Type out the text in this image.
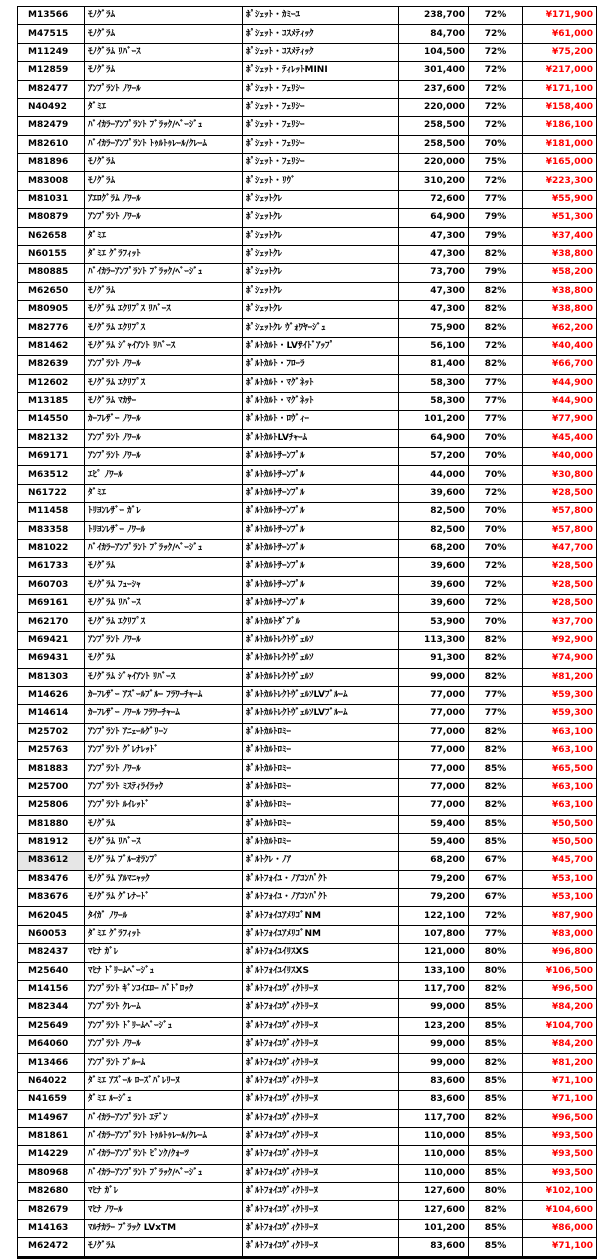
M13566	ﾓﾉｸﾞﾗﾑ	ﾎﾟｼｪｯﾄ・ｶﾐｰﾕ	238,700	72%	¥171,900
M47515	ﾓﾉｸﾞﾗﾑ	ﾎﾟｼｪｯﾄ・ｺｽﾒﾃｨｯｸ	84,700	72%	¥61,000
M11249	ﾓﾉｸﾞﾗﾑ ﾘﾊﾞｰｽ	ﾎﾟｼｪｯﾄ・ｺｽﾒﾃｨｯｸ	104,500	72%	¥75,200
M12859	ﾓﾉｸﾞﾗﾑ	ﾎﾟｼｪｯﾄ・ﾃｨﾚｯﾄMINI	301,400	72%	¥217,000
M82477	ｱﾝﾌﾟﾗﾝﾄ ﾉﾜｰﾙ	ﾎﾟｼｪｯﾄ・ﾌｪﾘｼｰ	237,600	72%	¥171,100
N40492	ﾀﾞﾐｴ	ﾎﾟｼｪｯﾄ・ﾌｪﾘｼｰ	220,000	72%	¥158,400
M82479	ﾊﾞｲｶﾗｰｱﾝﾌﾟﾗﾝﾄ ﾌﾞﾗｯｸ/ﾍﾞｰｼﾞｭ	ﾎﾟｼｪｯﾄ・ﾌｪﾘｼｰ	258,500	72%	¥186,100
M82610	ﾊﾞｲｶﾗｰｱﾝﾌﾟﾗﾝﾄ ﾄｩﾙﾄｩﾚｰﾙ/ｸﾚｰﾑ	ﾎﾟｼｪｯﾄ・ﾌｪﾘｼｰ	258,500	70%	¥181,000
M81896	ﾓﾉｸﾞﾗﾑ	ﾎﾟｼｪｯﾄ・ﾌｪﾘｼｰ	220,000	75%	¥165,000
M83008	ﾓﾉｸﾞﾗﾑ	ﾎﾟｼｪｯﾄ・ﾘｳﾞ	310,200	72%	¥223,300
M81031	ｱｴﾛｸﾞﾗﾑ ﾉﾜｰﾙ	ﾎﾟｼｪｯﾄｸﾚ	72,600	77%	¥55,900
M80879	ｱﾝﾌﾟﾗﾝﾄ ﾉﾜｰﾙ	ﾎﾟｼｪｯﾄｸﾚ	64,900	79%	¥51,300
N62658	ﾀﾞﾐｴ	ﾎﾟｼｪｯﾄｸﾚ	47,300	79%	¥37,400
N60155	ﾀﾞﾐｴ ｸﾞﾗﾌｨｯﾄ	ﾎﾟｼｪｯﾄｸﾚ	47,300	82%	¥38,800
M80885	ﾊﾞｲｶﾗｰｱﾝﾌﾟﾗﾝﾄ ﾌﾞﾗｯｸ/ﾍﾞｰｼﾞｭ	ﾎﾟｼｪｯﾄｸﾚ	73,700	79%	¥58,200
M62650	ﾓﾉｸﾞﾗﾑ	ﾎﾟｼｪｯﾄｸﾚ	47,300	82%	¥38,800
M80905	ﾓﾉｸﾞﾗﾑ ｴｸﾘﾌﾟｽ ﾘﾊﾞｰｽ	ﾎﾟｼｪｯﾄｸﾚ	47,300	82%	¥38,800
M82776	ﾓﾉｸﾞﾗﾑ ｴｸﾘﾌﾟｽ	ﾎﾟｼｪｯﾄｸﾚ ｳﾞｫﾜﾔｰｼﾞｭ	75,900	82%	¥62,200
M81462	ﾓﾉｸﾞﾗﾑ ｼﾞｬｲｱﾝﾄ ﾘﾊﾞｰｽ	ﾎﾟﾙﾄｶﾙﾄ・LVｻｲﾄﾞｱｯﾌﾟ	56,100	72%	¥40,400
M82639	ｱﾝﾌﾟﾗﾝﾄ ﾉﾜｰﾙ	ﾎﾟﾙﾄｶﾙﾄ・ﾌﾛｰﾗ	81,400	82%	¥66,700
M12602	ﾓﾉｸﾞﾗﾑ ｴｸﾘﾌﾟｽ	ﾎﾟﾙﾄｶﾙﾄ・ﾏｸﾞﾈｯﾄ	58,300	77%	¥44,900
M13185	ﾓﾉｸﾞﾗﾑ ﾏｶｻｰ	ﾎﾟﾙﾄｶﾙﾄ・ﾏｸﾞﾈｯﾄ	58,300	77%	¥44,900
M14550	ｶｰﾌﾚｻﾞｰ ﾉﾜｰﾙ	ﾎﾟﾙﾄｶﾙﾄ・ﾛｳﾞｨｰ	101,200	77%	¥77,900
M82132	ｱﾝﾌﾟﾗﾝﾄ ﾉﾜｰﾙ	ﾎﾟﾙﾄｶﾙﾄLVﾁｬｰﾑ	64,900	70%	¥45,400
M69171	ｱﾝﾌﾟﾗﾝﾄ ﾉﾜｰﾙ	ﾎﾟﾙﾄｶﾙﾄｻｰﾝﾌﾟﾙ	57,200	70%	¥40,000
M63512	ｴﾋﾟ ﾉﾜｰﾙ	ﾎﾟﾙﾄｶﾙﾄｻｰﾝﾌﾟﾙ	44,000	70%	¥30,800
N61722	ﾀﾞﾐｴ	ﾎﾟﾙﾄｶﾙﾄｻｰﾝﾌﾟﾙ	39,600	72%	¥28,500
M11458	ﾄﾘﾖﾝﾚｻﾞｰ ｶﾞﾚ	ﾎﾟﾙﾄｶﾙﾄｻｰﾝﾌﾟﾙ	82,500	70%	¥57,800
M83358	ﾄﾘﾖﾝﾚｻﾞｰ ﾉﾜｰﾙ	ﾎﾟﾙﾄｶﾙﾄｻｰﾝﾌﾟﾙ	82,500	70%	¥57,800
M81022	ﾊﾞｲｶﾗｰｱﾝﾌﾟﾗﾝﾄ ﾌﾞﾗｯｸ/ﾍﾞｰｼﾞｭ	ﾎﾟﾙﾄｶﾙﾄｻｰﾝﾌﾟﾙ	68,200	70%	¥47,700
M61733	ﾓﾉｸﾞﾗﾑ	ﾎﾟﾙﾄｶﾙﾄｻｰﾝﾌﾟﾙ	39,600	72%	¥28,500
M60703	ﾓﾉｸﾞﾗﾑ ﾌｭｰｼｬ	ﾎﾟﾙﾄｶﾙﾄｻｰﾝﾌﾟﾙ	39,600	72%	¥28,500
M69161	ﾓﾉｸﾞﾗﾑ ﾘﾊﾞｰｽ	ﾎﾟﾙﾄｶﾙﾄｻｰﾝﾌﾟﾙ	39,600	72%	¥28,500
M62170	ﾓﾉｸﾞﾗﾑ ｴｸﾘﾌﾟｽ	ﾎﾟﾙﾄｶﾙﾄﾀﾞﾌﾞﾙ	53,900	70%	¥37,700
M69421	ｱﾝﾌﾟﾗﾝﾄ ﾉﾜｰﾙ	ﾎﾟﾙﾄｶﾙﾄﾚｸﾄｳﾞｪﾙｿ	113,300	82%	¥92,900
M69431	ﾓﾉｸﾞﾗﾑ	ﾎﾟﾙﾄｶﾙﾄﾚｸﾄｳﾞｪﾙｿ	91,300	82%	¥74,900
M81303	ﾓﾉｸﾞﾗﾑ ｼﾞｬｲｱﾝﾄ ﾘﾊﾞｰｽ	ﾎﾟﾙﾄｶﾙﾄﾚｸﾄｳﾞｪﾙｿ	99,000	82%	¥81,200
M14626	ｶｰﾌﾚｻﾞｰ ｱｽﾞｰﾙﾌﾞﾙｰ ﾌﾗﾜｰﾁｬｰﾑ	ﾎﾟﾙﾄｶﾙﾄﾚｸﾄｳﾞｪﾙｿLVﾌﾞﾙｰﾑ	77,000	77%	¥59,300
M14614	ｶｰﾌﾚｻﾞｰ ﾉﾜｰﾙ ﾌﾗﾜｰﾁｬｰﾑ	ﾎﾟﾙﾄｶﾙﾄﾚｸﾄｳﾞｪﾙｿLVﾌﾞﾙｰﾑ	77,000	77%	¥59,300
M25702	ｱﾝﾌﾟﾗﾝﾄ ｱﾆｪｰﾙｸﾞﾘｰﾝ	ﾎﾟﾙﾄｶﾙﾄﾛﾐｰ	77,000	82%	¥63,100
M25763	ｱﾝﾌﾟﾗﾝﾄ ｸﾞﾚﾅﾚｯﾄﾞ	ﾎﾟﾙﾄｶﾙﾄﾛﾐｰ	77,000	82%	¥63,100
M81883	ｱﾝﾌﾟﾗﾝﾄ ﾉﾜｰﾙ	ﾎﾟﾙﾄｶﾙﾄﾛﾐｰ	77,000	85%	¥65,500
M25700	ｱﾝﾌﾟﾗﾝﾄ ﾐｽﾃｨﾗｲﾗｯｸ	ﾎﾟﾙﾄｶﾙﾄﾛﾐｰ	77,000	82%	¥63,100
M25806	ｱﾝﾌﾟﾗﾝﾄ ﾙｲﾚｯﾄﾞ	ﾎﾟﾙﾄｶﾙﾄﾛﾐｰ	77,000	82%	¥63,100
M81880	ﾓﾉｸﾞﾗﾑ	ﾎﾟﾙﾄｶﾙﾄﾛﾐｰ	59,400	85%	¥50,500
M81912	ﾓﾉｸﾞﾗﾑ ﾘﾊﾞｰｽ	ﾎﾟﾙﾄｶﾙﾄﾛﾐｰ	59,400	85%	¥50,500
M83612	ﾓﾉｸﾞﾗﾑ ﾌﾞﾙｰｵﾗﾝﾌﾟ	ﾎﾟﾙﾄｸﾚ・ﾉｱ	68,200	67%	¥45,700
M83476	ﾓﾉｸﾞﾗﾑ ｱﾙﾏﾆｬｯｸ	ﾎﾟﾙﾄﾌｫｲﾕ・ﾉｱｺﾝﾊﾟｸﾄ	79,200	67%	¥53,100
M83676	ﾓﾉｸﾞﾗﾑ ｸﾞﾚﾅｰﾄﾞ	ﾎﾟﾙﾄﾌｫｲﾕ・ﾉｱｺﾝﾊﾟｸﾄ	79,200	67%	¥53,100
M62045	ﾀｲｶﾞ ﾉﾜｰﾙ	ﾎﾟﾙﾄﾌｫｲﾕｱﾒﾘｺﾞNM	122,100	72%	¥87,900
N60053	ﾀﾞﾐｴ ｸﾞﾗﾌｨｯﾄ	ﾎﾟﾙﾄﾌｫｲﾕｱﾒﾘｺﾞNM	107,800	77%	¥83,000
M82437	ﾏﾋﾅ ｶﾞﾚ	ﾎﾟﾙﾄﾌｫｲﾕｲﾘｽXS	121,000	80%	¥96,800
M25640	ﾏﾋﾅ ﾄﾞﾘｰﾑﾍﾞｰｼﾞｭ	ﾎﾟﾙﾄﾌｫｲﾕｲﾘｽXS	133,100	80%	¥106,500
M14156	ｱﾝﾌﾟﾗﾝﾄ ｷﾞﾝｺｲｴﾛｰ ﾊﾞﾄﾞﾛｯｸ	ﾎﾟﾙﾄﾌｫｲﾕｳﾞｨｸﾄﾘｰﾇ	117,700	82%	¥96,500
M82344	ｱﾝﾌﾟﾗﾝﾄ ｸﾚｰﾑ	ﾎﾟﾙﾄﾌｫｲﾕｳﾞｨｸﾄﾘｰﾇ	99,000	85%	¥84,200
M25649	ｱﾝﾌﾟﾗﾝﾄ ﾄﾞﾘｰﾑﾍﾞｰｼﾞｭ	ﾎﾟﾙﾄﾌｫｲﾕｳﾞｨｸﾄﾘｰﾇ	123,200	85%	¥104,700
M64060	ｱﾝﾌﾟﾗﾝﾄ ﾉﾜｰﾙ	ﾎﾟﾙﾄﾌｫｲﾕｳﾞｨｸﾄﾘｰﾇ	99,000	85%	¥84,200
M13466	ｱﾝﾌﾟﾗﾝﾄ ﾌﾞﾙｰﾑ	ﾎﾟﾙﾄﾌｫｲﾕｳﾞｨｸﾄﾘｰﾇ	99,000	82%	¥81,200
N64022	ﾀﾞﾐｴ ｱｽﾞｰﾙ ﾛｰｽﾞﾊﾞﾚﾘｰﾇ	ﾎﾟﾙﾄﾌｫｲﾕｳﾞｨｸﾄﾘｰﾇ	83,600	85%	¥71,100
N41659	ﾀﾞﾐｴ ﾙｰｼﾞｭ	ﾎﾟﾙﾄﾌｫｲﾕｳﾞｨｸﾄﾘｰﾇ	83,600	85%	¥71,100
M14967	ﾊﾞｲｶﾗｰｱﾝﾌﾟﾗﾝﾄ ｴﾃﾞﾝ	ﾎﾟﾙﾄﾌｫｲﾕｳﾞｨｸﾄﾘｰﾇ	117,700	82%	¥96,500
M81861	ﾊﾞｲｶﾗｰｱﾝﾌﾟﾗﾝﾄ ﾄｩﾙﾄｩﾚｰﾙ/ｸﾚｰﾑ	ﾎﾟﾙﾄﾌｫｲﾕｳﾞｨｸﾄﾘｰﾇ	110,000	85%	¥93,500
M14229	ﾊﾞｲｶﾗｰｱﾝﾌﾟﾗﾝﾄ ﾋﾟﾝｸ/ｸｫｰﾂ	ﾎﾟﾙﾄﾌｫｲﾕｳﾞｨｸﾄﾘｰﾇ	110,000	85%	¥93,500
M80968	ﾊﾞｲｶﾗｰｱﾝﾌﾟﾗﾝﾄ ﾌﾞﾗｯｸ/ﾍﾞｰｼﾞｭ	ﾎﾟﾙﾄﾌｫｲﾕｳﾞｨｸﾄﾘｰﾇ	110,000	85%	¥93,500
M82680	ﾏﾋﾅ ｶﾞﾚ	ﾎﾟﾙﾄﾌｫｲﾕｳﾞｨｸﾄﾘｰﾇ	127,600	80%	¥102,100
M82679	ﾏﾋﾅ ﾉﾜｰﾙ	ﾎﾟﾙﾄﾌｫｲﾕｳﾞｨｸﾄﾘｰﾇ	127,600	82%	¥104,600
M14163	ﾏﾙﾁｶﾗｰ ﾌﾞﾗｯｸ LVxTM	ﾎﾟﾙﾄﾌｫｲﾕｳﾞｨｸﾄﾘｰﾇ	101,200	85%	¥86,000
M62472	ﾓﾉｸﾞﾗﾑ	ﾎﾟﾙﾄﾌｫｲﾕｳﾞｨｸﾄﾘｰﾇ	83,600	85%	¥71,100
